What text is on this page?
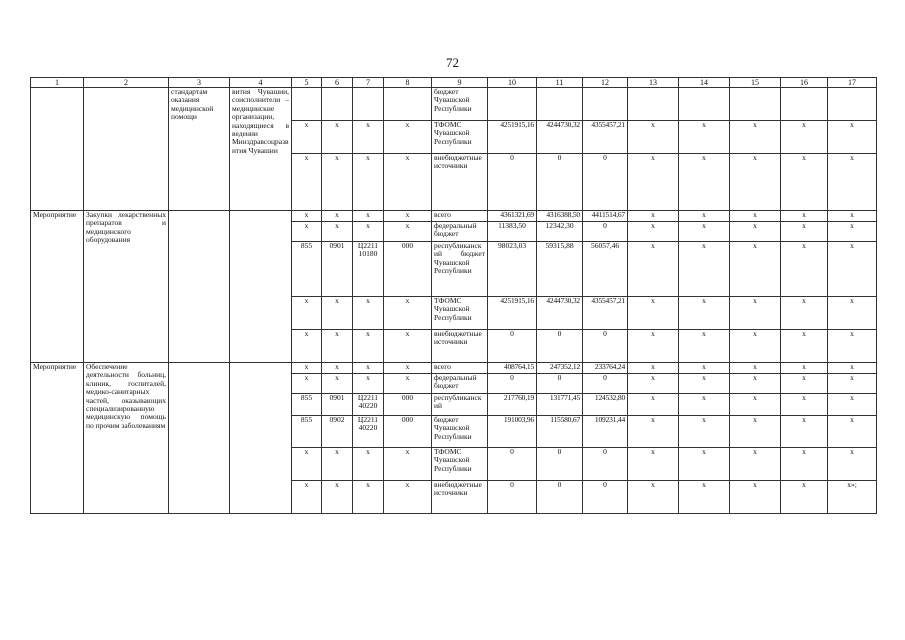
72
1	2	3	4	5	6	7	8	9	10	11	12	13	14	15	16	17
		стандартам оказания медицинской помощи	вития Чувашии, соисполнители – медицинские организации, находящиеся в ведении Минздравсоцразвития Чувашии					бюджет Чувашской Республики								
				x	x	x	x	ТФОМС Чувашской Республики	4251915,16	4244730,32	4355457,21	x	x	x	x	x
				x	x	x	x	внебюджетные источники	0	0	0	x	x	x	x	x
Мероприятие	Закупки лекарственных препаратов и медицинского оборудования			x	x	x	x	всего	4361321,69	4316388,50	4411514,67	x	x	x	x	x
				x	x	x	x	федеральный бюджет	11383,50	12342,30	0	x	x	x	x	x
				855	0901	Ц2211 10180	000	республиканский бюджет Чувашской Республики	98023,03	59315,88	56057,46	x	x	x	x	x
				x	x	x	x	ТФОМС Чувашской Республики	4251915,16	4244730,32	4355457,21	x	x	x	x	x
				x	x	x	x	внебюджетные источники	0	0	0	x	x	x	x	x
Мероприятие	Обеспечение деятельности больниц, клиник, госпиталей, медико-санитарных частей, оказывающих специализированную медицинскую помощь по прочим заболеваниям			x	x	x	x	всего	408764,15	247352,12	233764,24	x	x	x	x	x
				x	x	x	x	федеральный бюджет	0	0	0	x	x	x	x	x
				855	0901	Ц2211 40220	000	республиканский	217760,19	131771,45	124532,80	x	x	x	x	x
				855	0902	Ц2211 40220	000	бюджет Чувашской Республики	191003,96	115580,67	109231,44	x	x	x	x	x
				x	x	x	x	ТФОМС Чувашской Республики	0	0	0	x	x	x	x	x
				x	x	x	x	внебюджетные источники	0	0	0	x	x	x	x	x»;
